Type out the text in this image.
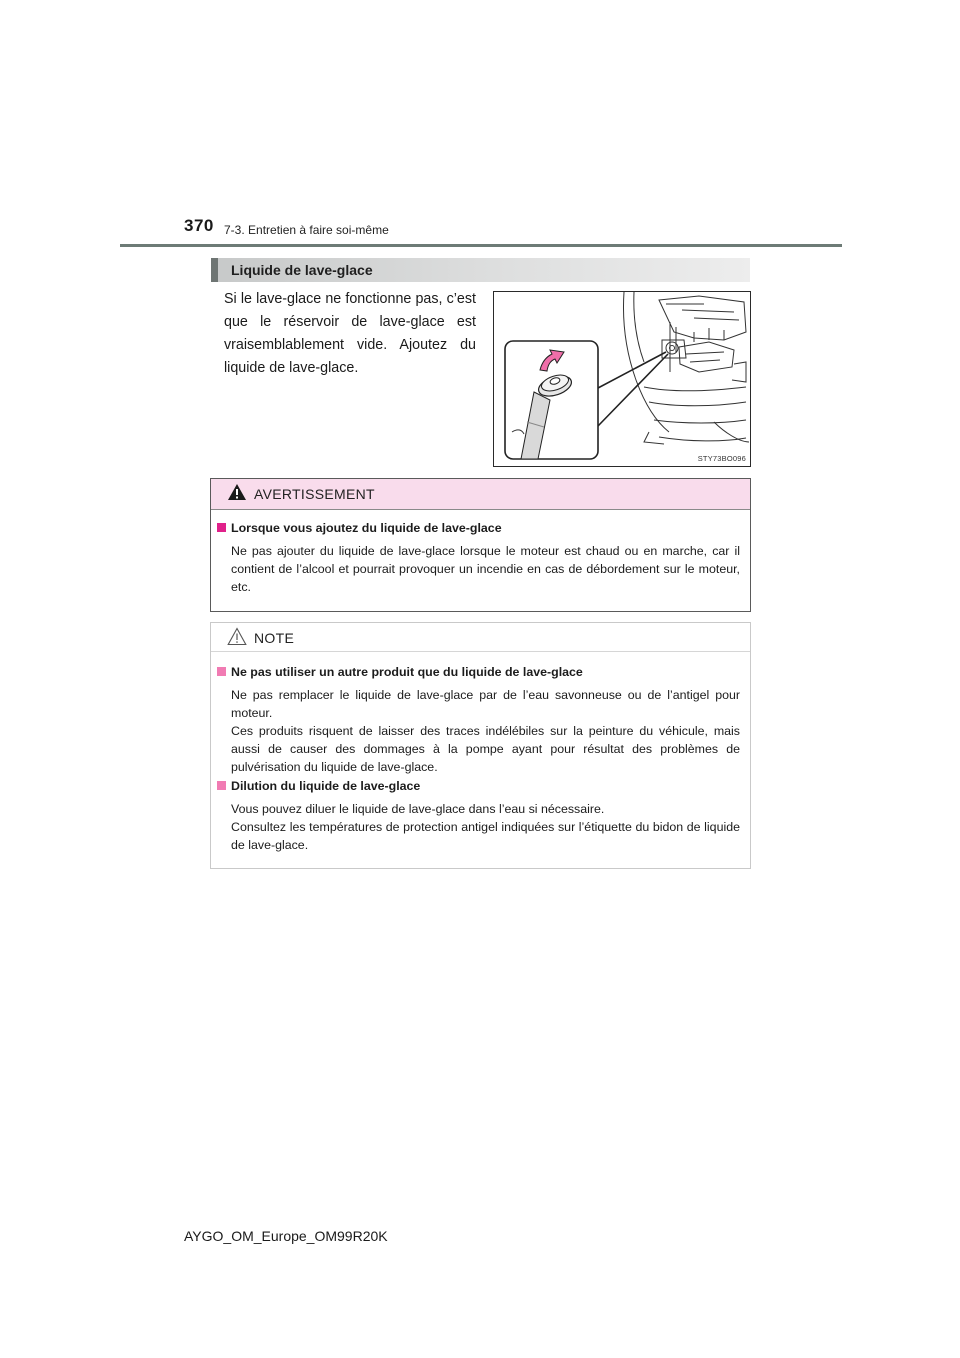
370 7-3. Entretien à faire soi-même
Liquide de lave-glace
Si le lave-glace ne fonctionne pas, c’est que le réservoir de lave-glace est vraisemblablement vide. Ajoutez du liquide de lave-glace.
STY73BO096
AVERTISSEMENT
Lorsque vous ajoutez du liquide de lave-glace

Ne pas ajouter du liquide de lave-glace lorsque le moteur est chaud ou en marche, car il contient de l’alcool et pourrait provoquer un incendie en cas de débordement sur le moteur, etc.

NOTE
Ne pas utiliser un autre produit que du liquide de lave-glace

Ne pas remplacer le liquide de lave-glace par de l’eau savonneuse ou de l’antigel pour moteur.

Ces produits risquent de laisser des traces indélébiles sur la peinture du véhicule, mais aussi de causer des dommages à la pompe ayant pour résultat des problèmes de pulvérisation du liquide de lave-glace.

Dilution du liquide de lave-glace

Vous pouvez diluer le liquide de lave-glace dans l’eau si nécessaire.

Consultez les températures de protection antigel indiquées sur l’étiquette du bidon de liquide de lave-glace.

AYGO_OM_Europe_OM99R20K
